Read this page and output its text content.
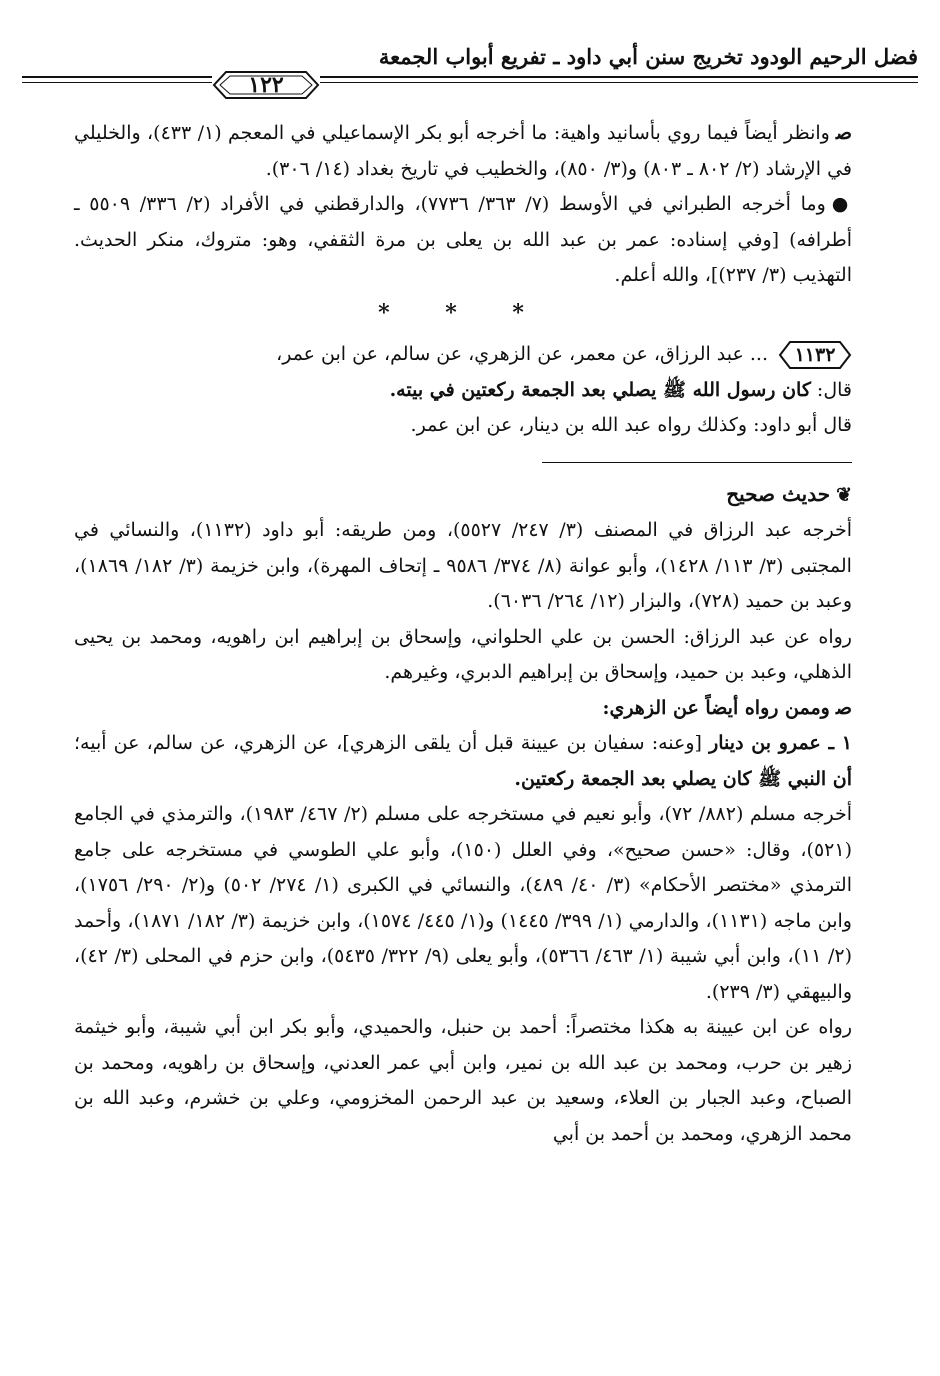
فضل الرحيم الودود تخريج سنن أبي داود ـ تفريع أبواب الجمعة
١٢٢

ﺻوانظر أيضاً فيما روي بأسانيد واهية: ما أخرجه أبو بكر الإسماعيلي في المعجم (١/ ٤٣٣)، والخليلي في الإرشاد (٢/ ٨٠٢ ـ ٨٠٣) و(٣/ ٨٥٠)، والخطيب في تاريخ بغداد (١٤/ ٣٠٦).

●وما أخرجه الطبراني في الأوسط (٧/ ٣٦٣/ ٧٧٣٦)، والدارقطني في الأفراد (٢/ ٣٣٦/ ٥٥٠٩ ـ أطرافه) [وفي إسناده: عمر بن عبد الله بن يعلى بن مرة الثقفي، وهو: متروك، منكر الحديث. التهذيب (٣/ ٢٣٧)]، والله أعلم.

* * *

١١٣٢
... عبد الرزاق، عن معمر، عن الزهري، عن سالم، عن ابن عمر،

قال: كان رسول الله ﷺ يصلي بعد الجمعة ركعتين في بيته.

قال أبو داود: وكذلك رواه عبد الله بن دينار، عن ابن عمر.

❦حديث صحيح

أخرجه عبد الرزاق في المصنف (٣/ ٢٤٧/ ٥٥٢٧)، ومن طريقه: أبو داود (١١٣٢)، والنسائي في المجتبى (٣/ ١١٣/ ١٤٢٨)، وأبو عوانة (٨/ ٣٧٤/ ٩٥٨٦ ـ إتحاف المهرة)، وابن خزيمة (٣/ ١٨٢/ ١٨٦٩)، وعبد بن حميد (٧٢٨)، والبزار (١٢/ ٢٦٤/ ٦٠٣٦).

رواه عن عبد الرزاق: الحسن بن علي الحلواني، وإسحاق بن إبراهيم ابن راهويه، ومحمد بن يحيى الذهلي، وعبد بن حميد، وإسحاق بن إبراهيم الدبري، وغيرهم.

ﺻوممن رواه أيضاً عن الزهري:

١ ـ عمرو بن دينار [وعنه: سفيان بن عيينة قبل أن يلقى الزهري]، عن الزهري، عن سالم، عن أبيه؛ أن النبي ﷺ كان يصلي بعد الجمعة ركعتين.

أخرجه مسلم (٨٨٢/ ٧٢)، وأبو نعيم في مستخرجه على مسلم (٢/ ٤٦٧/ ١٩٨٣)، والترمذي في الجامع (٥٢١)، وقال: «حسن صحيح»، وفي العلل (١٥٠)، وأبو علي الطوسي في مستخرجه على جامع الترمذي «مختصر الأحكام» (٣/ ٤٠/ ٤٨٩)، والنسائي في الكبرى (١/ ٢٧٤/ ٥٠٢) و(٢/ ٢٩٠/ ١٧٥٦)، وابن ماجه (١١٣١)، والدارمي (١/ ٣٩٩/ ١٤٤٥) و(١/ ٤٤٥/ ١٥٧٤)، وابن خزيمة (٣/ ١٨٢/ ١٨٧١)، وأحمد (٢/ ١١)، وابن أبي شيبة (١/ ٤٦٣/ ٥٣٦٦)، وأبو يعلى (٩/ ٣٢٢/ ٥٤٣٥)، وابن حزم في المحلى (٣/ ٤٢)، والبيهقي (٣/ ٢٣٩).

رواه عن ابن عيينة به هكذا مختصراً: أحمد بن حنبل، والحميدي، وأبو بكر ابن أبي شيبة، وأبو خيثمة زهير بن حرب، ومحمد بن عبد الله بن نمير، وابن أبي عمر العدني، وإسحاق بن راهويه، ومحمد بن الصباح، وعبد الجبار بن العلاء، وسعيد بن عبد الرحمن المخزومي، وعلي بن خشرم، وعبد الله بن محمد الزهري، ومحمد بن أحمد بن أبي
